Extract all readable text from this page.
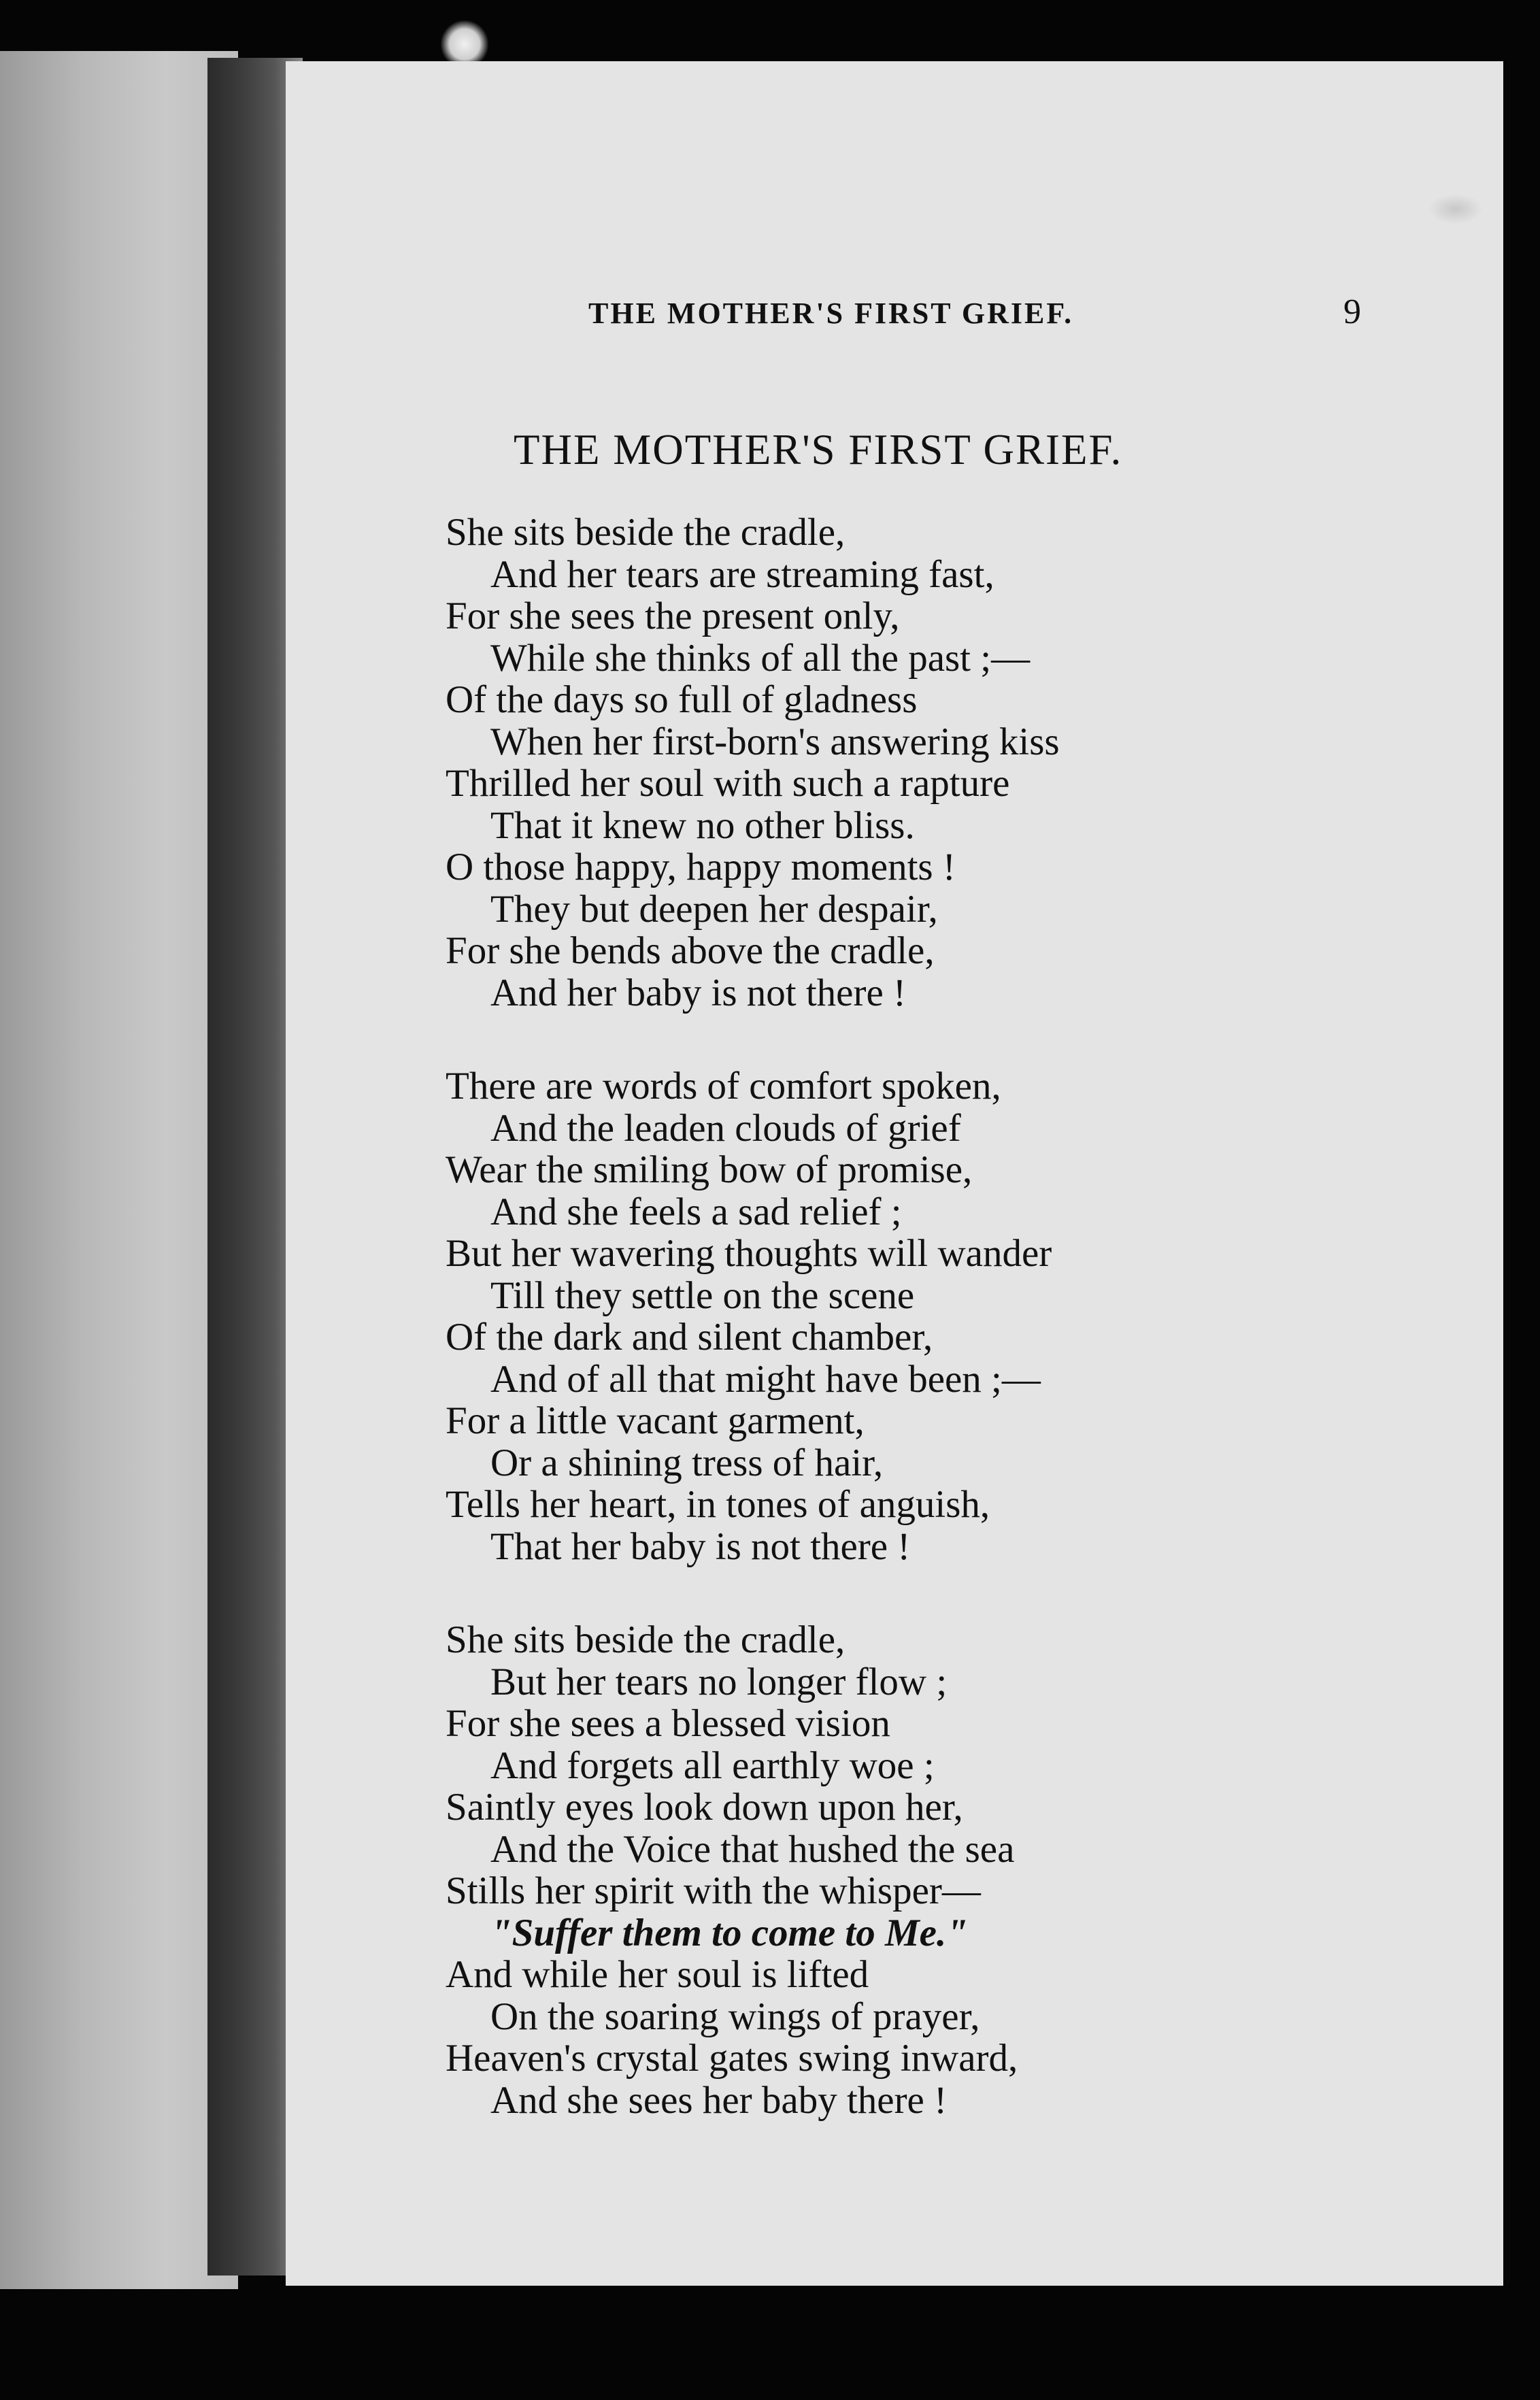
THE MOTHER'S FIRST GRIEF.	9
THE MOTHER'S FIRST GRIEF.
She sits beside the cradle,
And her tears are streaming fast,
For she sees the present only,
While she thinks of all the past ;—
Of the days so full of gladness
When her first-born's answering kiss
Thrilled her soul with such a rapture
That it knew no other bliss.
O those happy, happy moments !
They but deepen her despair,
For she bends above the cradle,
And her baby is not there !
There are words of comfort spoken,
And the leaden clouds of grief
Wear the smiling bow of promise,
And she feels a sad relief ;
But her wavering thoughts will wander
Till they settle on the scene
Of the dark and silent chamber,
And of all that might have been ;—
For a little vacant garment,
Or a shining tress of hair,
Tells her heart, in tones of anguish,
That her baby is not there !
She sits beside the cradle,
But her tears no longer flow ;
For she sees a blessed vision
And forgets all earthly woe ;
Saintly eyes look down upon her,
And the Voice that hushed the sea
Stills her spirit with the whisper—
"Suffer them to come to Me."
And while her soul is lifted
On the soaring wings of prayer,
Heaven's crystal gates swing inward,
And she sees her baby there !
